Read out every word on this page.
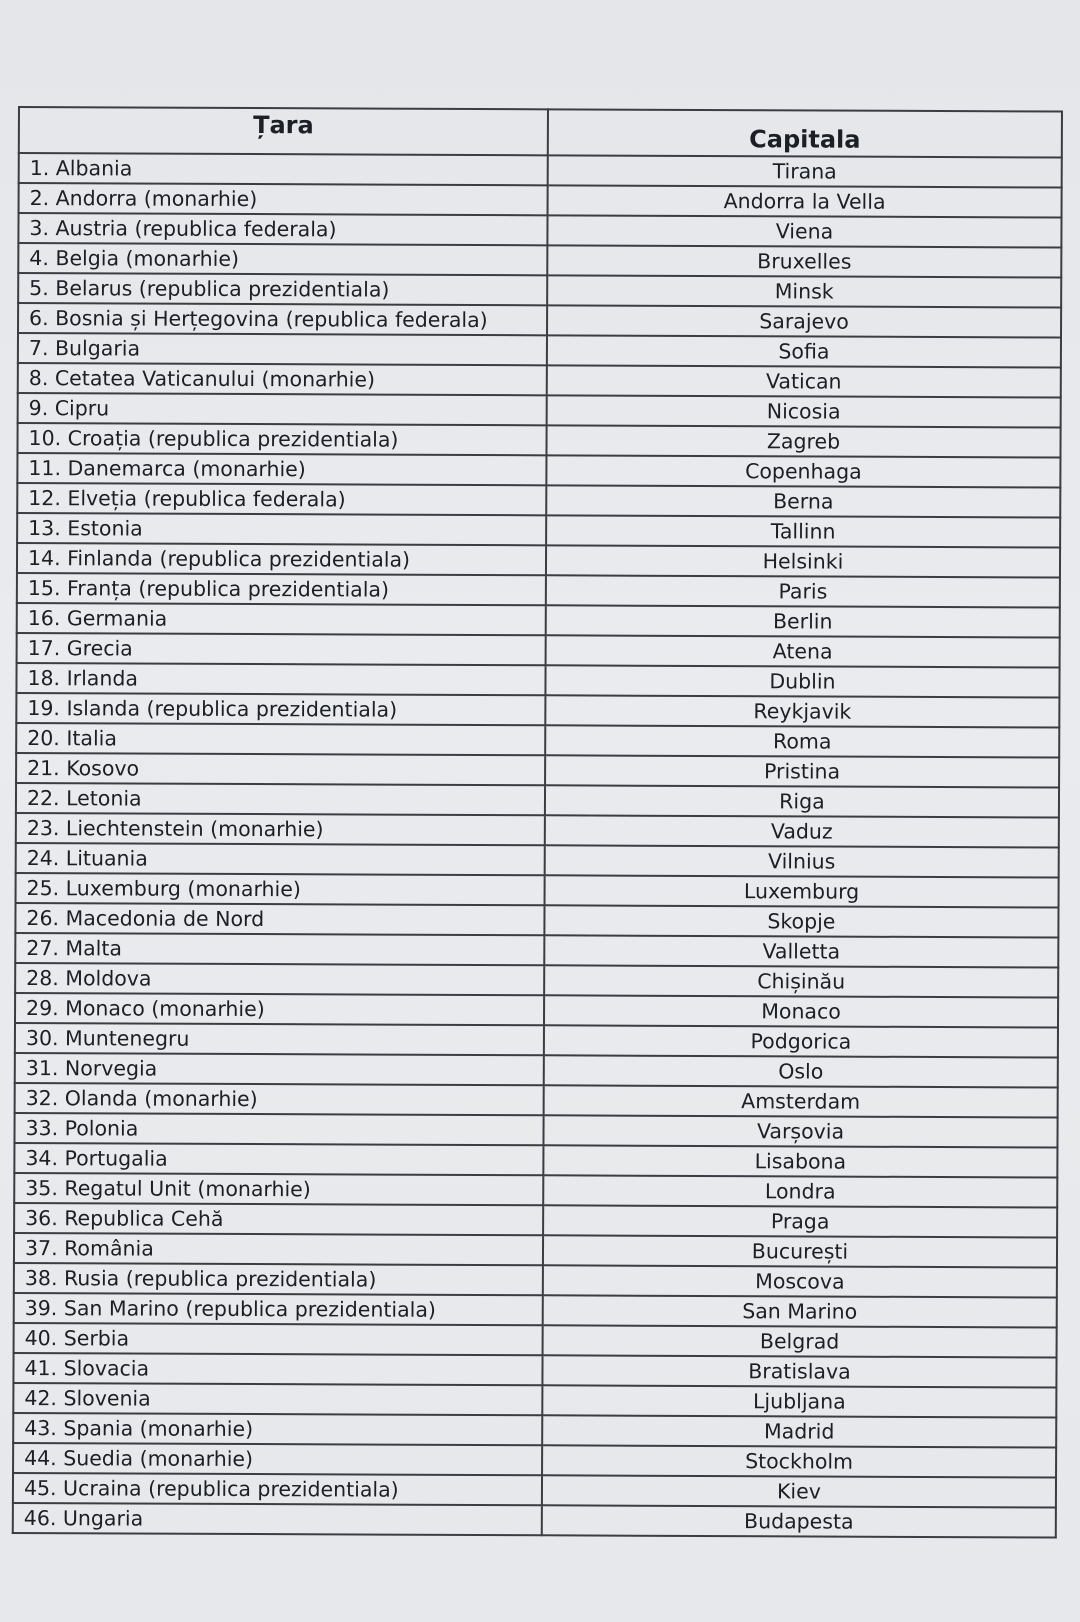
Țara	Capitala
1. Albania	Tirana
2. Andorra (monarhie)	Andorra la Vella
3. Austria (republica federala)	Viena
4. Belgia (monarhie)	Bruxelles
5. Belarus (republica prezidentiala)	Minsk
6. Bosnia și Herțegovina (republica federala)	Sarajevo
7. Bulgaria	Sofia
8. Cetatea Vaticanului (monarhie)	Vatican
9. Cipru	Nicosia
10. Croația (republica prezidentiala)	Zagreb
11. Danemarca (monarhie)	Copenhaga
12. Elveția (republica federala)	Berna
13. Estonia	Tallinn
14. Finlanda (republica prezidentiala)	Helsinki
15. Franța (republica prezidentiala)	Paris
16. Germania	Berlin
17. Grecia	Atena
18. Irlanda	Dublin
19. Islanda (republica prezidentiala)	Reykjavik
20. Italia	Roma
21. Kosovo	Pristina
22. Letonia	Riga
23. Liechtenstein (monarhie)	Vaduz
24. Lituania	Vilnius
25. Luxemburg (monarhie)	Luxemburg
26. Macedonia de Nord	Skopje
27. Malta	Valletta
28. Moldova	Chișinău
29. Monaco (monarhie)	Monaco
30. Muntenegru	Podgorica
31. Norvegia	Oslo
32. Olanda (monarhie)	Amsterdam
33. Polonia	Varșovia
34. Portugalia	Lisabona
35. Regatul Unit (monarhie)	Londra
36. Republica Cehă	Praga
37. România	București
38. Rusia (republica prezidentiala)	Moscova
39. San Marino (republica prezidentiala)	San Marino
40. Serbia	Belgrad
41. Slovacia	Bratislava
42. Slovenia	Ljubljana
43. Spania (monarhie)	Madrid
44. Suedia (monarhie)	Stockholm
45. Ucraina (republica prezidentiala)	Kiev
46. Ungaria	Budapesta
